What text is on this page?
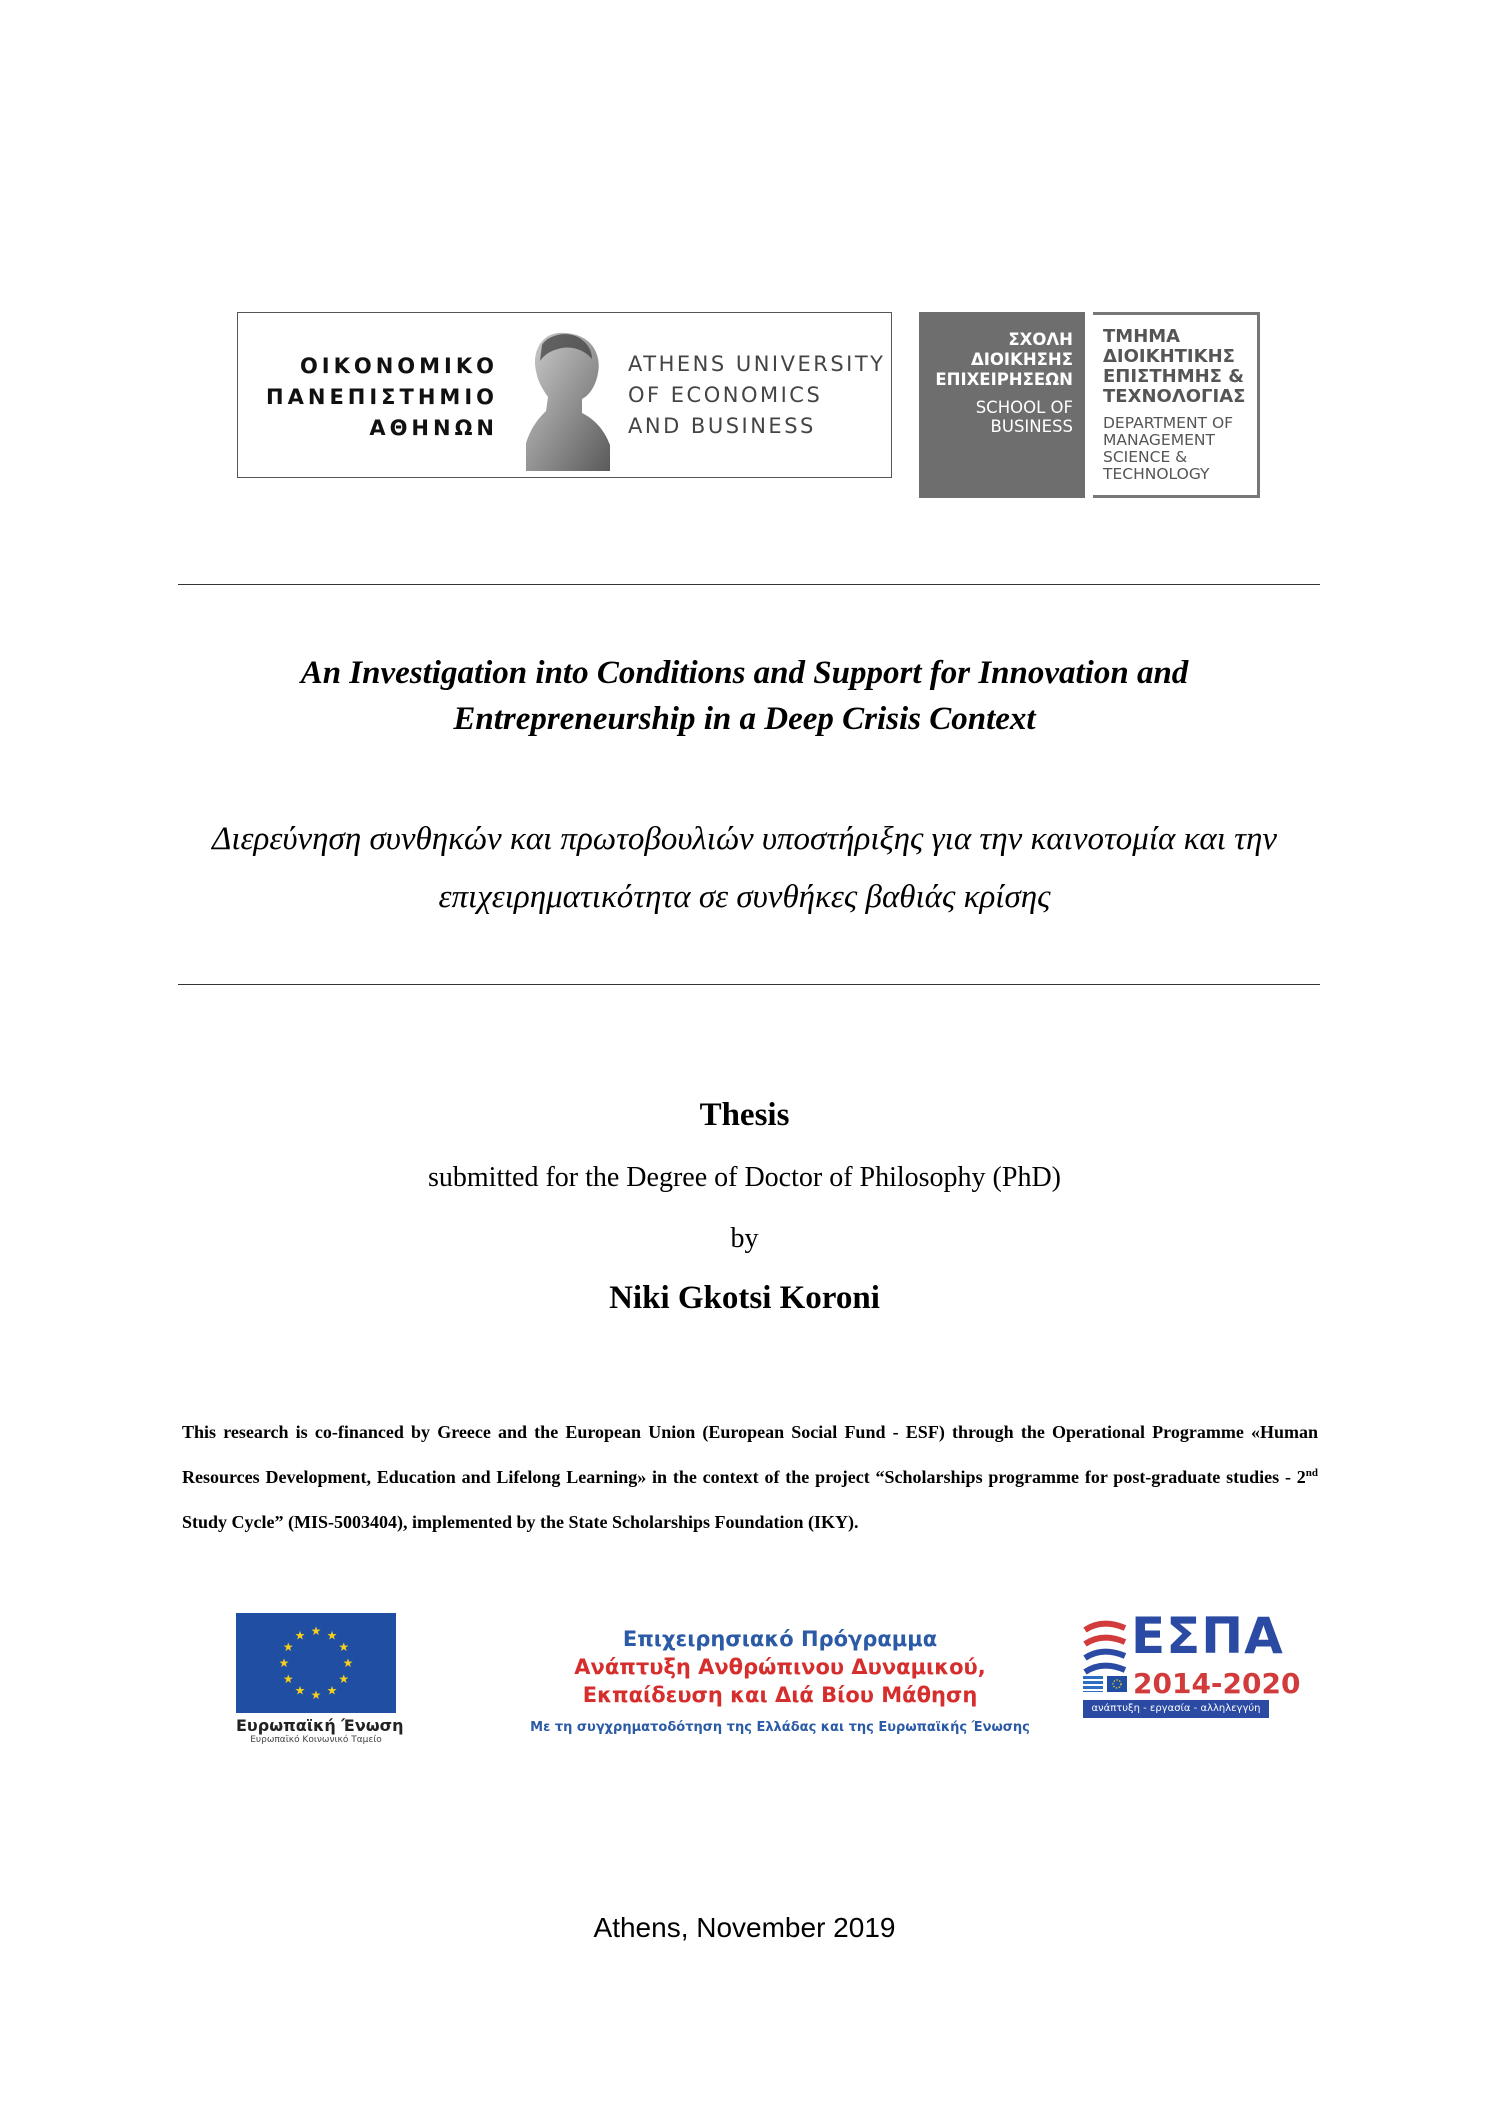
ΟΙΚΟΝΟΜΙΚΟ
ΠΑΝΕΠΙΣΤΗΜΙΟ
ΑΘΗΝΩΝ
ATHENS UNIVERSITY
OF ECONOMICS
AND BUSINESS
ΣΧΟΛΗ
ΔΙΟΙΚΗΣΗΣ
ΕΠΙΧΕΙΡΗΣΕΩΝ
SCHOOL OF
BUSINESS
ΤΜΗΜΑ
ΔΙΟΙΚΗΤΙΚΗΣ
ΕΠΙΣΤΗΜΗΣ &
ΤΕΧΝΟΛΟΓΙΑΣ
DEPARTMENT OF
MANAGEMENT
SCIENCE &
TECHNOLOGY
An Investigation into Conditions and Support for Innovation and Entrepreneurship in a Deep Crisis Context
Διερεύνηση συνθηκών και πρωτοβουλιών υποστήριξης για την καινοτομία και την επιχειρηματικότητα σε συνθήκες βαθιάς κρίσης
Thesis
submitted for the Degree of Doctor of Philosophy (PhD)
by
Niki Gkotsi Koroni
This research is co-financed by Greece and the European Union (European Social Fund - ESF) through the Operational Programme «Human Resources Development, Education and Lifelong Learning» in the context of the project “Scholarships programme for post-graduate studies - 2nd Study Cycle” (MIS-5003404), implemented by the State Scholarships Foundation (IKY).
★ ★
★
★
★
★
★
★
★
★
★
★
Ευρωπαϊκή Ένωση
Ευρωπαϊκό Κοινωνικό Ταμείο
Επιχειρησιακό Πρόγραμμα
Ανάπτυξη Ανθρώπινου Δυναμικού,
Εκπαίδευση και Διά Βίου Μάθηση
Με τη συγχρηματοδότηση της Ελλάδας και της Ευρωπαϊκής Ένωσης
ΕΣΠΑ
2014-2020
ανάπτυξη - εργασία - αλληλεγγύη
Athens, November 2019
